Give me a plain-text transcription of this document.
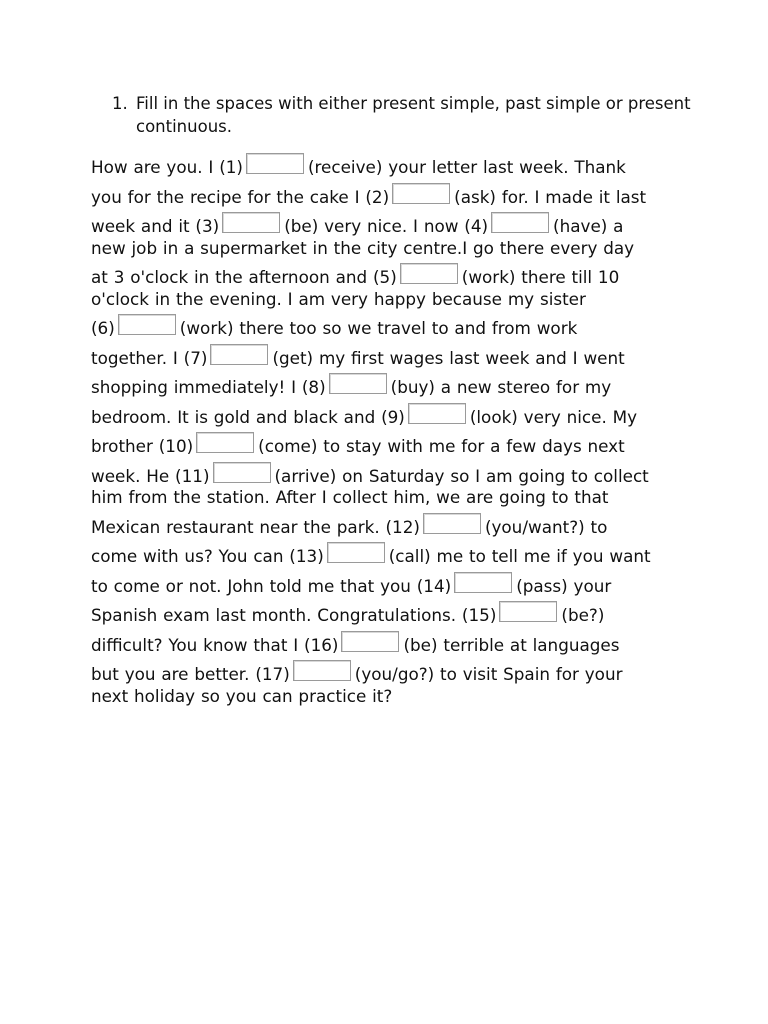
1. Fill in the spaces with either present simple, past simple or present continuous.
How are you. I (1)	(receive) your letter last week. Thank
you for the recipe for the cake I (2)	(ask) for. I made it last
week and it (3)	(be) very nice. I now (4)	(have) a
new job in a supermarket in the city centre.I go there every day
at 3 o'clock in the afternoon and (5)	(work) there till 10
o'clock in the evening. I am very happy because my sister
(6)	(work) there too so we travel to and from work
together. I (7)	(get) my first wages last week and I went
shopping immediately! I (8)	(buy) a new stereo for my
bedroom. It is gold and black and (9)	(look) very nice. My
brother (10)	(come) to stay with me for a few days next
week. He (11)	(arrive) on Saturday so I am going to collect
him from the station. After I collect him, we are going to that
Mexican restaurant near the park. (12)	(you/want?) to
come with us? You can (13)	(call) me to tell me if you want
to come or not. John told me that you (14)	(pass) your
Spanish exam last month. Congratulations. (15)	(be?)
difficult? You know that I (16)	(be) terrible at languages
but you are better. (17)	(you/go?) to visit Spain for your
next holiday so you can practice it?
